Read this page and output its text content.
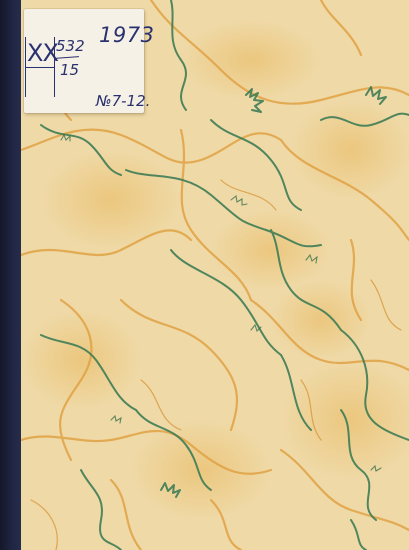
XX
532
15
1973
№7-12.
